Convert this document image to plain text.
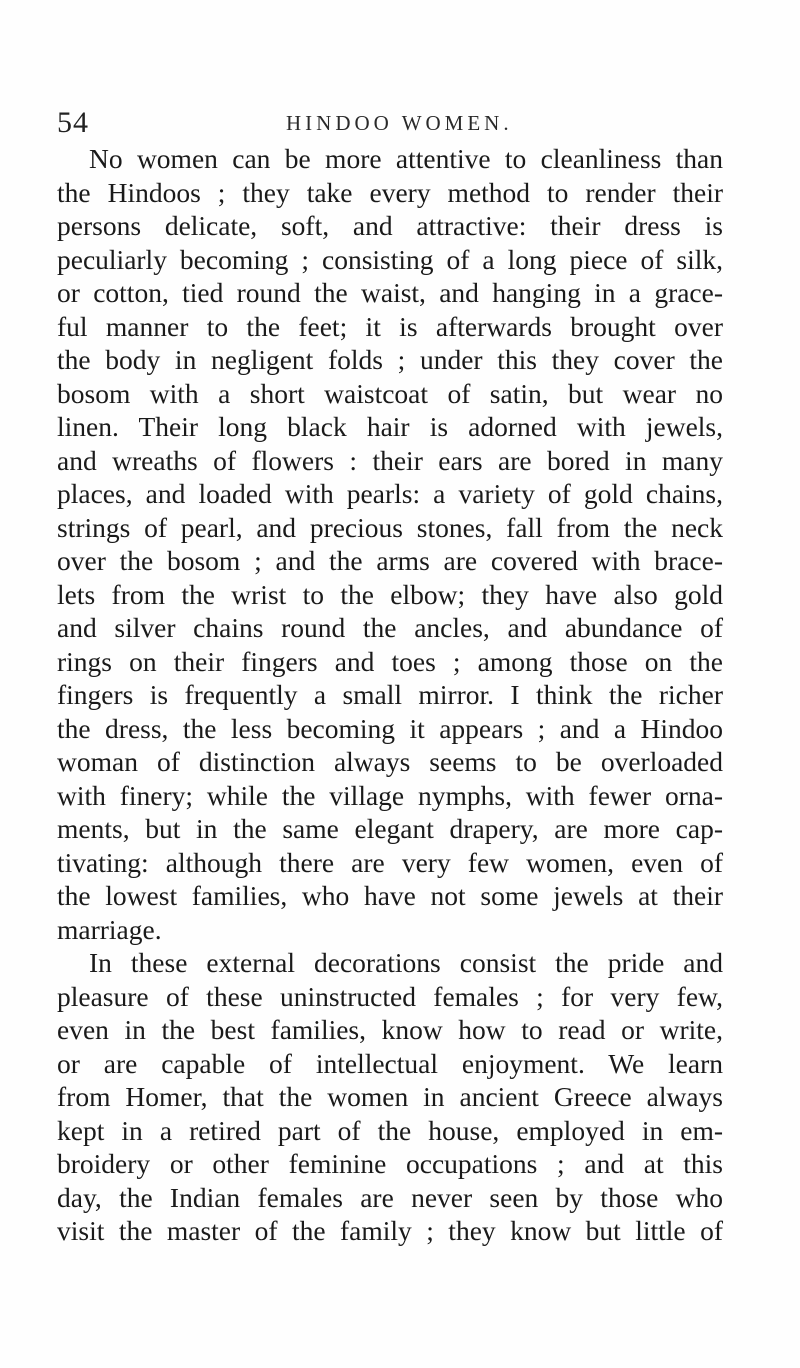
54	HINDOO WOMEN.
No women can be more attentive to cleanliness than
the Hindoos ; they take every method to render their
persons delicate, soft, and attractive: their dress is
peculiarly becoming ; consisting of a long piece of silk,
or cotton, tied round the waist, and hanging in a grace-
ful manner to the feet; it is afterwards brought over
the body in negligent folds ; under this they cover the
bosom with a short waistcoat of satin, but wear no
linen. Their long black hair is adorned with jewels,
and wreaths of flowers : their ears are bored in many
places, and loaded with pearls: a variety of gold chains,
strings of pearl, and precious stones, fall from the neck
over the bosom ; and the arms are covered with brace-
lets from the wrist to the elbow; they have also gold
and silver chains round the ancles, and abundance of
rings on their fingers and toes ; among those on the
fingers is frequently a small mirror. I think the richer
the dress, the less becoming it appears ; and a Hindoo
woman of distinction always seems to be overloaded
with finery; while the village nymphs, with fewer orna-
ments, but in the same elegant drapery, are more cap-
tivating: although there are very few women, even of
the lowest families, who have not some jewels at their
marriage.
In these external decorations consist the pride and
pleasure of these uninstructed females ; for very few,
even in the best families, know how to read or write,
or are capable of intellectual enjoyment. We learn
from Homer, that the women in ancient Greece always
kept in a retired part of the house, employed in em-
broidery or other feminine occupations ; and at this
day, the Indian females are never seen by those who
visit the master of the family ; they know but little of
